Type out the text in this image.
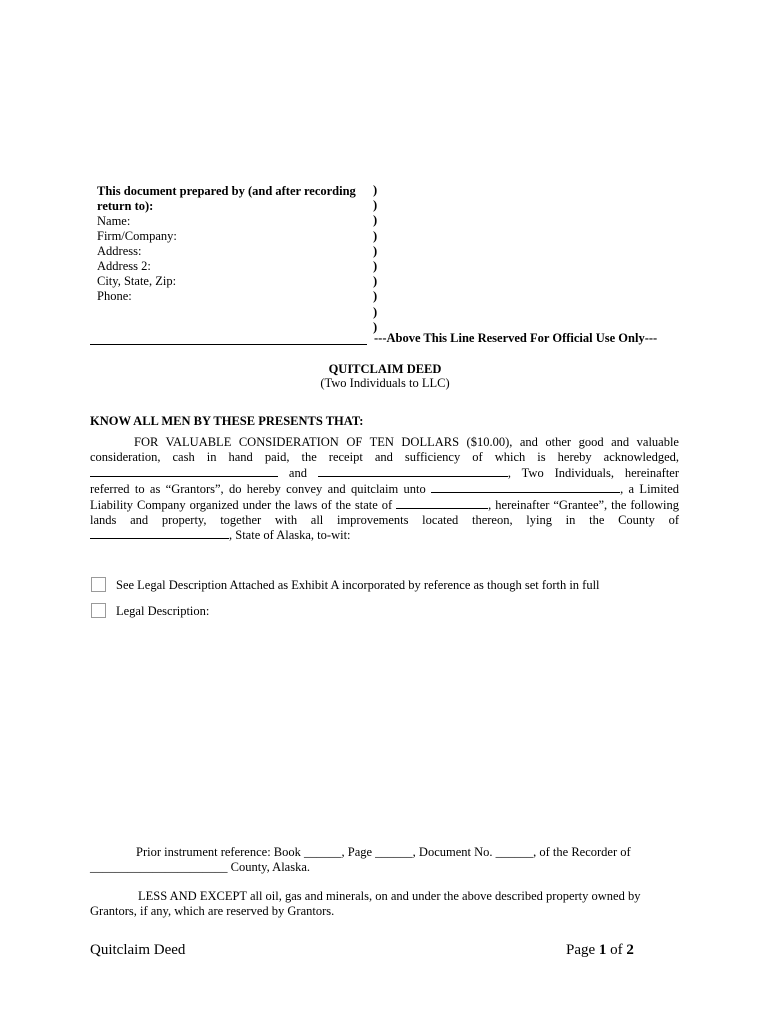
This document prepared by (and after recording
return to):
Name:
Firm/Company:
Address:
Address 2:
City, State, Zip:
Phone:
)
)
)
)
)
)
)
)
)
)
---Above This Line Reserved For Official Use Only---
QUITCLAIM DEED
(Two Individuals to LLC)
KNOW ALL MEN BY THESE PRESENTS THAT:
FOR VALUABLE CONSIDERATION OF TEN DOLLARS ($10.00), and other good and valuable consideration, cash in hand paid, the receipt and sufficiency of which is hereby acknowledged,  and	, Two Individuals, hereinafter referred to as “Grantors”, do hereby convey and quitclaim unto	, a Limited Liability Company organized under the laws of the state of	, hereinafter “Grantee”, the following lands and property, together with all improvements located thereon, lying in the County of , State of Alaska, to-wit:
See Legal Description Attached as Exhibit A incorporated by reference as though set forth in full
Legal Description:
Prior instrument reference: Book ______, Page ______, Document No. ______, of the Recorder of
______________________ County, Alaska.
LESS AND EXCEPT all oil, gas and minerals, on and under the above described property owned by
Grantors, if any, which are reserved by Grantors.
Quitclaim Deed	Page 1 of 2
